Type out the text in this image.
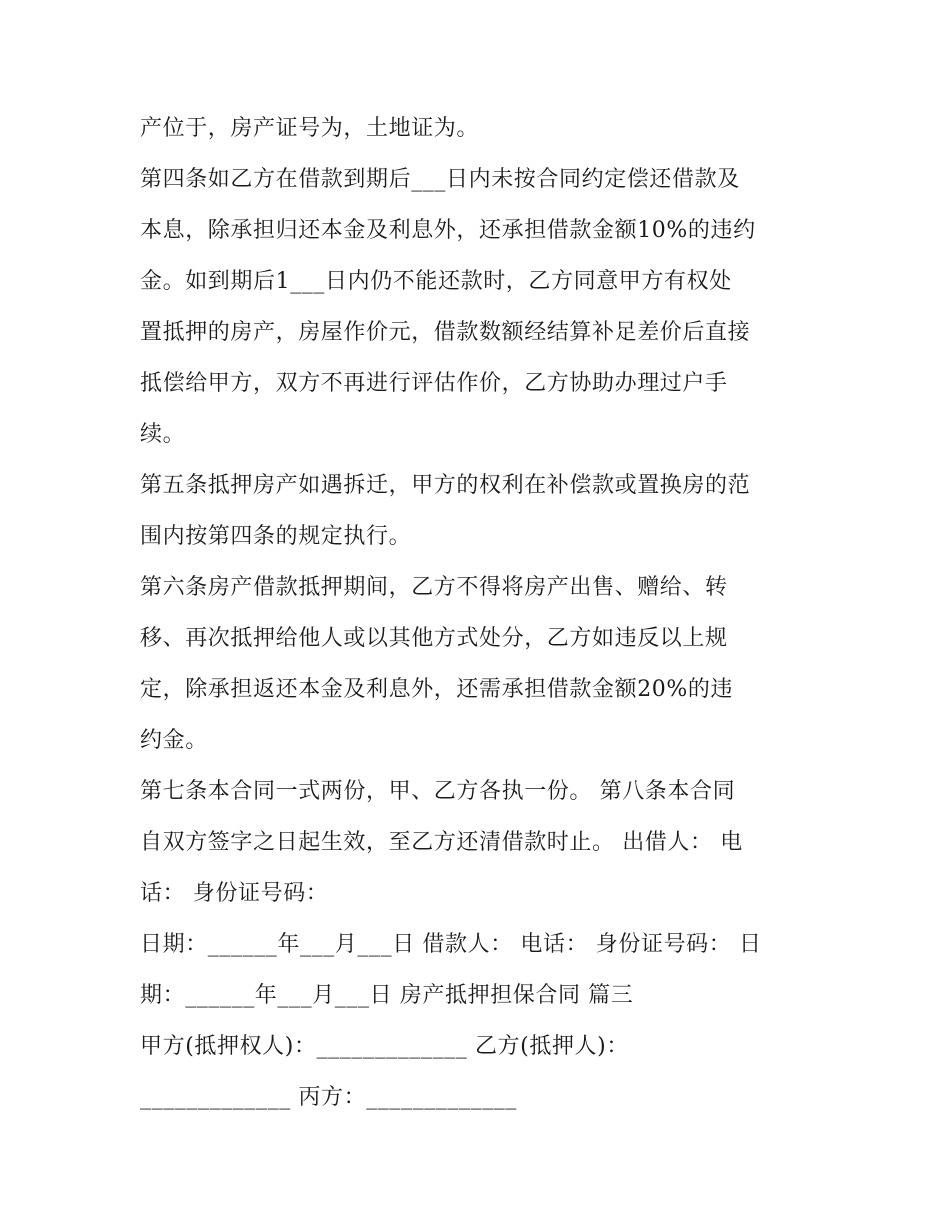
产位于，房产证号为，土地证为。
第四条如乙方在借款到期后___日内未按合同约定偿还借款及
本息，除承担归还本金及利息外，还承担借款金额10%的违约
金。如到期后1___日内仍不能还款时，乙方同意甲方有权处
置抵押的房产，房屋作价元，借款数额经结算补足差价后直接
抵偿给甲方，双方不再进行评估作价，乙方协助办理过户手
续。
第五条抵押房产如遇拆迁，甲方的权利在补偿款或置换房的范
围内按第四条的规定执行。
第六条房产借款抵押期间，乙方不得将房产出售、赠给、转
移、再次抵押给他人或以其他方式处分，乙方如违反以上规
定，除承担返还本金及利息外，还需承担借款金额20%的违
约金。
第七条本合同一式两份，甲、乙方各执一份。 第八条本合同
自双方签字之日起生效，至乙方还清借款时止。 出借人： 电
话： 身份证号码：
日期：______年___月___日 借款人： 电话： 身份证号码： 日
期：______年___月___日 房产抵押担保合同 篇三
甲方(抵押权人)：_____________ 乙方(抵押人)：
_____________ 丙方：_____________
